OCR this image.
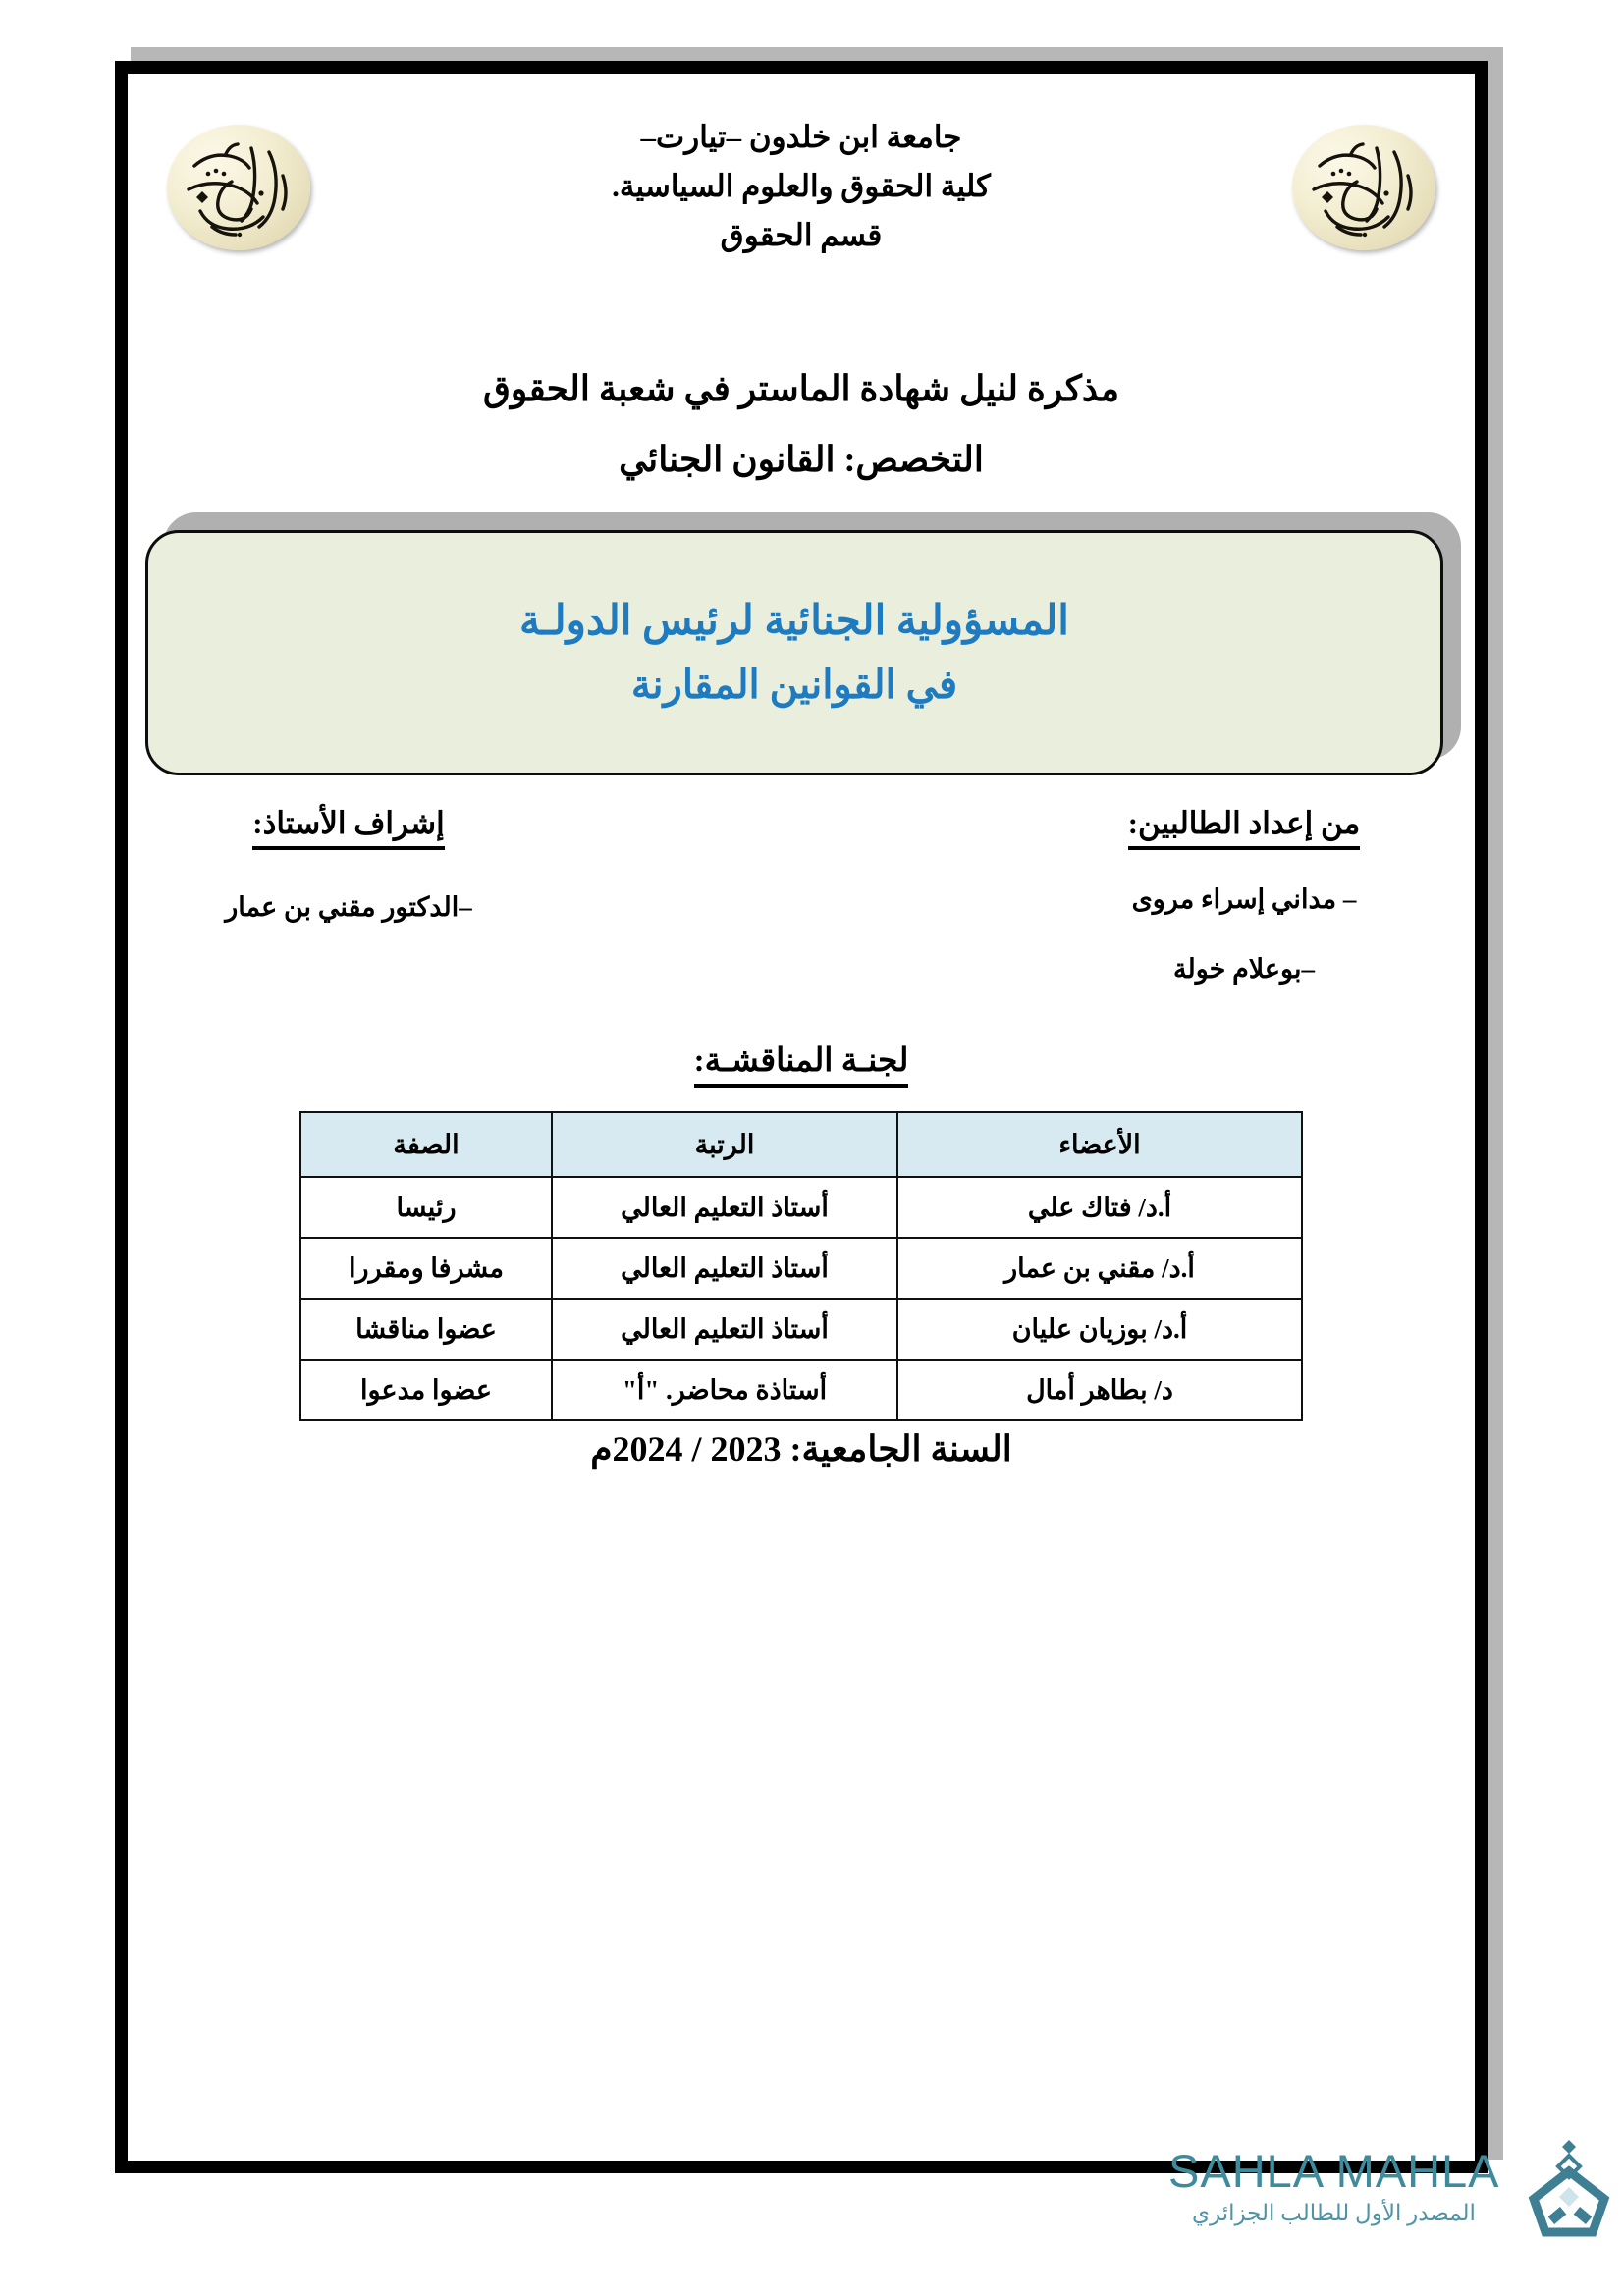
جامعة ابن خلدون –تيارت–
كلية الحقوق والعلوم السياسية.
قسم الحقوق
مذكرة لنيل شهادة الماستر في شعبة الحقوق
التخصص: القانون الجنائي
المسؤولية الجنائية لرئيس الدولـة
في القوانين المقارنة
من إعداد الطالبين:
– مداني إسراء مروى
–بوعلام خولة
إشراف الأستاذ:
–الدكتور مقني بن عمار
لجنـة المناقشـة:
الأعضاء	الرتبة	الصفة
أ.د/ فتاك علي	أستاذ التعليم العالي	رئيسا
أ.د/ مقني بن عمار	أستاذ التعليم العالي	مشرفا ومقررا
أ.د/ بوزيان عليان	أستاذ التعليم العالي	عضوا مناقشا
د/ بطاهر أمال	أستاذة محاضر. "أ"	عضوا مدعوا
السنة الجامعية: 2023 / 2024م
SAHLA MAHLA
المصدر الأول للطالب الجزائري
